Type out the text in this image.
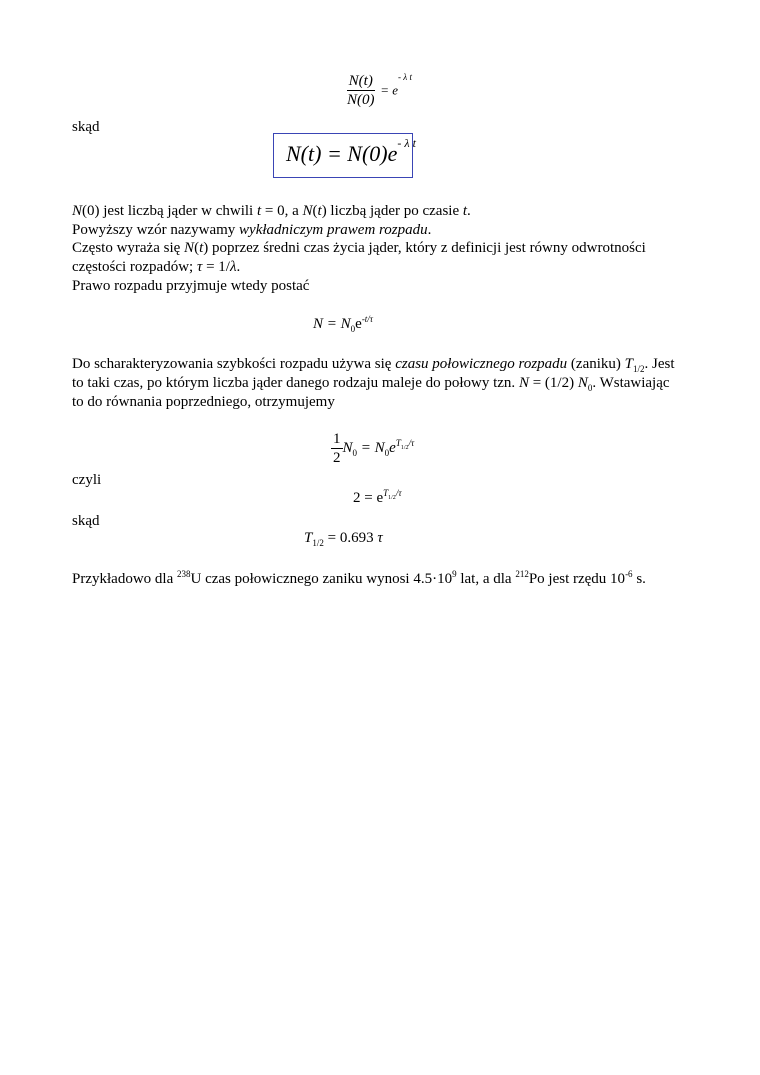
$\frac{N(t)}{N(0)} = e^{- \lambda t}$
skąd
$N(t) = N(0)e^{- \lambda t}$
N(0) jest liczbą jąder w chwili t = 0, a N(t) liczbą jąder po czasie t.
Powyższy wzór nazywamy wykładniczym prawem rozpadu.
Często wyraża się N(t) poprzez średni czas życia jąder, który z definicji jest równy odwrotności
częstości rozpadów; τ = 1/λ.
Prawo rozpadu przyjmuje wtedy postać
$N = N_0e^{-t/\tau}$
Do scharakteryzowania szybkości rozpadu używa się czasu połowicznego rozpadu (zaniku) $T_{1/2}$. Jest
to taki czas, po którym liczba jąder danego rodzaju maleje do połowy tzn. N = (1/2) $N_0$. Wstawiając
to do równania poprzedniego, otrzymujemy
$\frac{1}{2} N_0 = N_0e^{T_{1/2}/\tau}$
czyli
$2 = e^{T_{1/2}/\tau}$
skąd
$T_{1/2} = 0.693$ τ
Przykładowo dla $^{238}$U czas połowicznego zaniku wynosi $4.5\cdot 10^9$ lat, a dla $^{212}$Po jest rzędu $10^{-6}$ s.
